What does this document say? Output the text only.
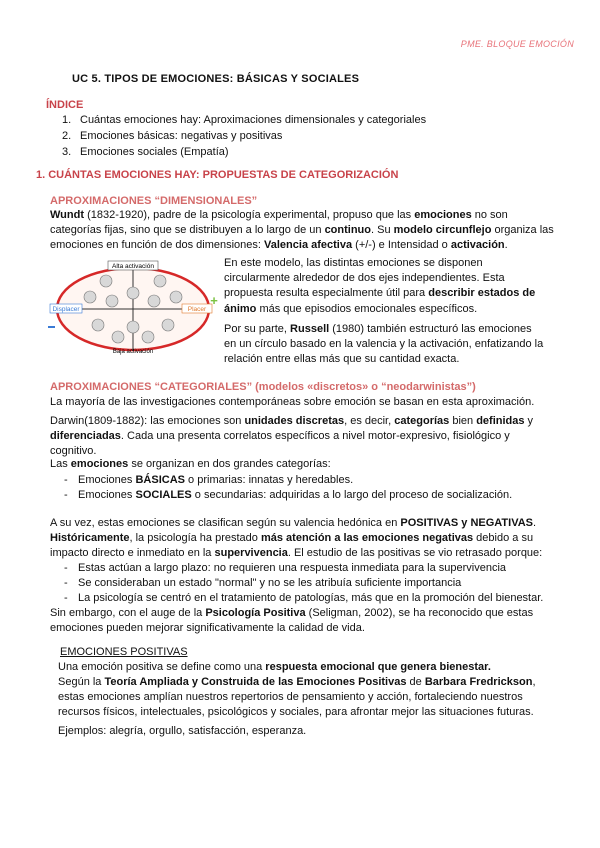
PME. BLOQUE EMOCIÓN
UC 5. TIPOS DE EMOCIONES: BÁSICAS Y SOCIALES
ÍNDICE
1. Cuántas emociones hay: Aproximaciones dimensionales y categoriales
2. Emociones básicas: negativas y positivas
3. Emociones sociales (Empatía)
1. CUÁNTAS EMOCIONES HAY: PROPUESTAS DE CATEGORIZACIÓN
APROXIMACIONES “DIMENSIONALES”
Wundt (1832-1920), padre de la psicología experimental, propuso que las emociones no son categorías fijas, sino que se distribuyen a lo largo de un continuo. Su modelo circunflejo organiza las emociones en función de dos dimensiones: Valencia afectiva (+/-) e Intensidad o activación.
Alta activación
Displacer	Placer
Baja activación
+
En este modelo, las distintas emociones se disponen circularmente alrededor de dos ejes independientes. Esta propuesta resulta especialmente útil para describir estados de ánimo más que episodios emocionales específicos.
Por su parte, Russell (1980) también estructuró las emociones en un círculo basado en la valencia y la activación, enfatizando la relación entre ellas más que su cantidad exacta.
APROXIMACIONES “CATEGORIALES” (modelos «discretos» o “neodarwinistas”)
La mayoría de las investigaciones contemporáneas sobre emoción se basan en esta aproximación.
Darwin(1809-1882): las emociones son unidades discretas, es decir, categorías bien definidas y diferenciadas. Cada una presenta correlatos específicos a nivel motor-expresivo, fisiológico y cognitivo.
Las emociones se organizan en dos grandes categorías:
- Emociones BÁSICAS o primarias: innatas y heredables.
- Emociones SOCIALES o secundarias: adquiridas a lo largo del proceso de socialización.
A su vez, estas emociones se clasifican según su valencia hedónica en POSITIVAS y NEGATIVAS.
Históricamente, la psicología ha prestado más atención a las emociones negativas debido a su impacto directo e inmediato en la supervivencia. El estudio de las positivas se vio retrasado porque:
- Estas actúan a largo plazo: no requieren una respuesta inmediata para la supervivencia
- Se consideraban un estado "normal" y no se les atribuía suficiente importancia
- La psicología se centró en el tratamiento de patologías, más que en la promoción del bienestar.
Sin embargo, con el auge de la Psicología Positiva (Seligman, 2002), se ha reconocido que estas emociones pueden mejorar significativamente la calidad de vida.
EMOCIONES POSITIVAS
Una emoción positiva se define como una respuesta emocional que genera bienestar.
Según la Teoría Ampliada y Construida de las Emociones Positivas de Barbara Fredrickson, estas emociones amplían nuestros repertorios de pensamiento y acción, fortaleciendo nuestros recursos físicos, intelectuales, psicológicos y sociales, para afrontar mejor las situaciones futuras.
Ejemplos: alegría, orgullo, satisfacción, esperanza.
